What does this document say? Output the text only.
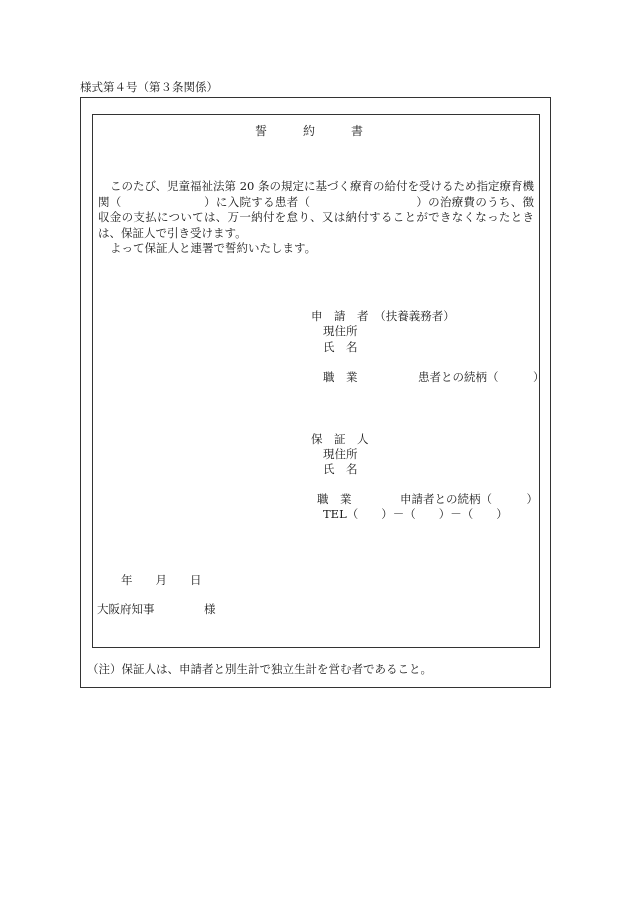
様式第４号（第３条関係）
誓　　　約　　　書

このたび、児童福祉法第 20 条の規定に基づく療育の給付を受けるため指定療育機関（　　　　　　　）に入院する患者（　　　　　　　　　）の治療費のうち、徴収金の支払については、万一納付を怠り、又は納付することができなくなったときは、保証人で引き受けます。

よって保証人と連署で誓約いたします。

申　請　者　（扶養義務者）
現住所
氏　名
職　業	患者との続柄（　　　）
保　証　人
現住所
氏　名
職　業	申請者との続柄（　　　）
TEL（　　）－（　　）－（　　）
年　　月　　日
大阪府知事	様
（注）保証人は、申請者と別生計で独立生計を営む者であること。
